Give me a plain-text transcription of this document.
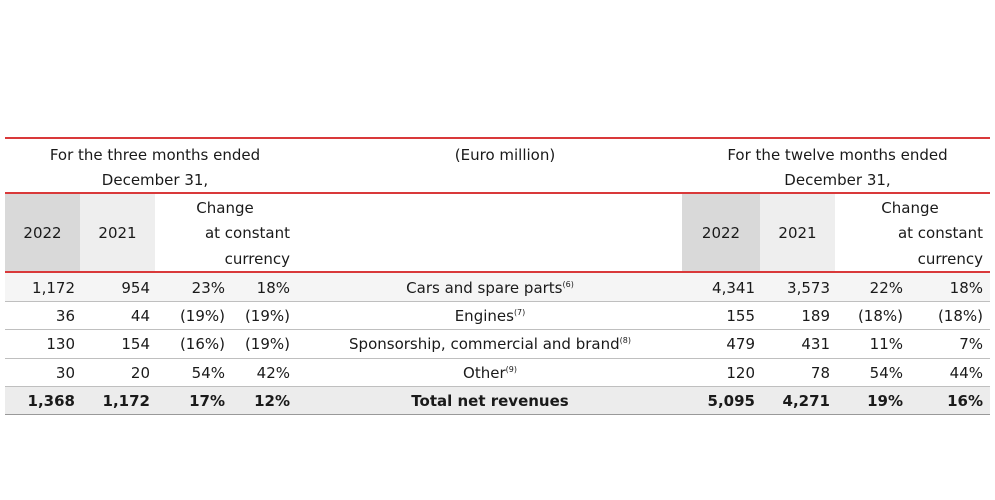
For the three months ended
December 31,
(Euro million)	For the twelve months ended
December 31,
2022	2021
Change
at constant
currency
2022	2021
Change
at constant
currency
1,172	954	23%	18%	Cars and spare parts$^{(6)}$	4,341	3,573	22%	18%
36	44	(19%)	(19%)	Engines$^{(7)}$	155	189	(18%)	(18%)
130	154	(16%)	(19%)	Sponsorship, commercial and brand$^{(8)}$	479	431	11%	7%
30	20	54%	42%	Other$^{(9)}$	120	78	54%	44%
1,368	1,172	17%	12%	Total net revenues	5,095	4,271	19%	16%
